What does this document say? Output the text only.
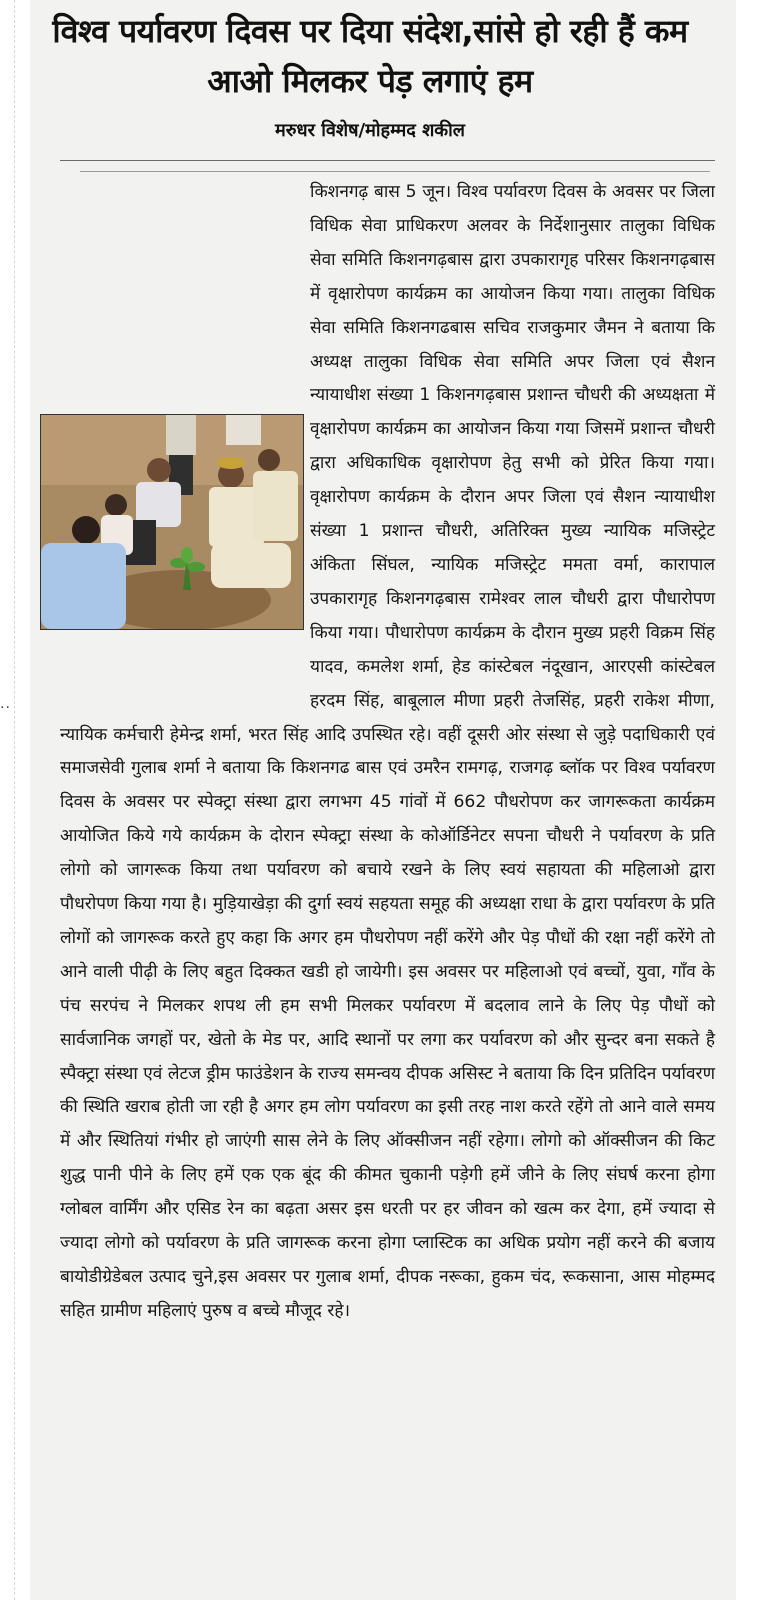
··
विश्व पर्यावरण दिवस पर दिया संदेश,सांसे हो रही हैं कम आओ मिलकर पेड़ लगाएं हम
मरुधर विशेष/मोहम्मद शकील
किशनगढ़ बास 5 जून। विश्व पर्यावरण दिवस के अवसर पर जिला विधिक सेवा प्राधिकरण अलवर के निर्देशानुसार तालुका विधिक सेवा समिति किशनगढ़बास द्वारा उपकारागृह परिसर किशनगढ़बास में वृक्षारोपण कार्यक्रम का आयोजन किया गया। तालुका विधिक सेवा समिति किशनगढबास सचिव राजकुमार जैमन ने बताया कि अध्यक्ष तालुका विधिक सेवा समिति अपर जिला एवं सैशन न्यायाधीश संख्या 1 किशनगढ़बास प्रशान्त चौधरी की अध्यक्षता में वृक्षारोपण कार्यक्रम का आयोजन किया गया जिसमें प्रशान्त चौधरी द्वारा अधिकाधिक वृक्षारोपण हेतु सभी को प्रेरित किया गया। वृक्षारोपण कार्यक्रम के दौरान अपर जिला एवं सैशन न्यायाधीश संख्या 1 प्रशान्त चौधरी, अतिरिक्त मुख्य न्यायिक मजिस्ट्रेट अंकिता सिंघल, न्यायिक मजिस्ट्रेट ममता वर्मा, कारापाल उपकारागृह किशनगढ़बास रामेश्वर लाल चौधरी द्वारा पौधारोपण किया गया। पौधारोपण कार्यक्रम के दौरान मुख्य प्रहरी विक्रम सिंह यादव, कमलेश शर्मा, हेड कांस्टेबल नंदूखान, आरएसी कांस्टेबल हरदम सिंह, बाबूलाल मीणा प्रहरी तेजसिंह, प्रहरी राकेश मीणा, न्यायिक कर्मचारी हेमेन्द्र शर्मा, भरत सिंह आदि उपस्थित रहे। वहीं दूसरी ओर संस्था से जुड़े पदाधिकारी एवं समाजसेवी गुलाब शर्मा ने बताया कि किशनगढ बास एवं उमरैन रामगढ़, राजगढ़ ब्लॉक पर विश्व पर्यावरण दिवस के अवसर पर स्पेक्ट्रा संस्था द्वारा लगभग 45 गांवों में 662 पौधरोपण कर जागरूकता कार्यक्रम आयोजित किये गये कार्यक्रम के दोरान स्पेक्ट्रा संस्था के कोऑर्डिनेटर सपना चौधरी ने पर्यावरण के प्रति लोगो को जागरूक किया तथा पर्यावरण को बचाये रखने के लिए स्वयं सहायता की महिलाओ द्वारा पौधरोपण किया गया है। मुड़ियाखेड़ा की दुर्गा स्वयं सहयता समूह की अध्यक्षा राधा के द्वारा पर्यावरण के प्रति लोगों को जागरूक करते हुए कहा कि अगर हम पौधरोपण नहीं करेंगे और पेड़ पौधों की रक्षा नहीं करेंगे तो आने वाली पीढ़ी के लिए बहुत दिक्कत खडी हो जायेगी। इस अवसर पर महिलाओ एवं बच्चों, युवा, गाँव के पंच सरपंच ने मिलकर शपथ ली हम सभी मिलकर पर्यावरण में बदलाव लाने के लिए पेड़ पौधों को सार्वजानिक जगहों पर, खेतो के मेड पर, आदि स्थानों पर लगा कर पर्यावरण को और सुन्दर बना सकते है स्पैक्ट्रा संस्था एवं लेटज ड्रीम फाउंडेशन के राज्य समन्वय दीपक असिस्ट ने बताया कि दिन प्रतिदिन पर्यावरण की स्थिति खराब होती जा रही है अगर हम लोग पर्यावरण का इसी तरह नाश करते रहेंगे तो आने वाले समय में और स्थितियां गंभीर हो जाएंगी सास लेने के लिए ऑक्सीजन नहीं रहेगा। लोगो को ऑक्सीजन की किट शुद्ध पानी पीने के लिए हमें एक एक बूंद की कीमत चुकानी पड़ेगी हमें जीने के लिए संघर्ष करना होगा ग्लोबल वार्मिंग और एसिड रेन का बढ़ता असर इस धरती पर हर जीवन को खत्म कर देगा, हमें ज्यादा से ज्यादा लोगो को पर्यावरण के प्रति जागरूक करना होगा प्लास्टिक का अधिक प्रयोग नहीं करने की बजाय बायोडीग्रेडेबल उत्पाद चुने,इस अवसर पर गुलाब शर्मा, दीपक नरूका, हुकम चंद, रूकसाना, आस मोहम्मद सहित ग्रामीण महिलाएं पुरुष व बच्चे मौजूद रहे।
